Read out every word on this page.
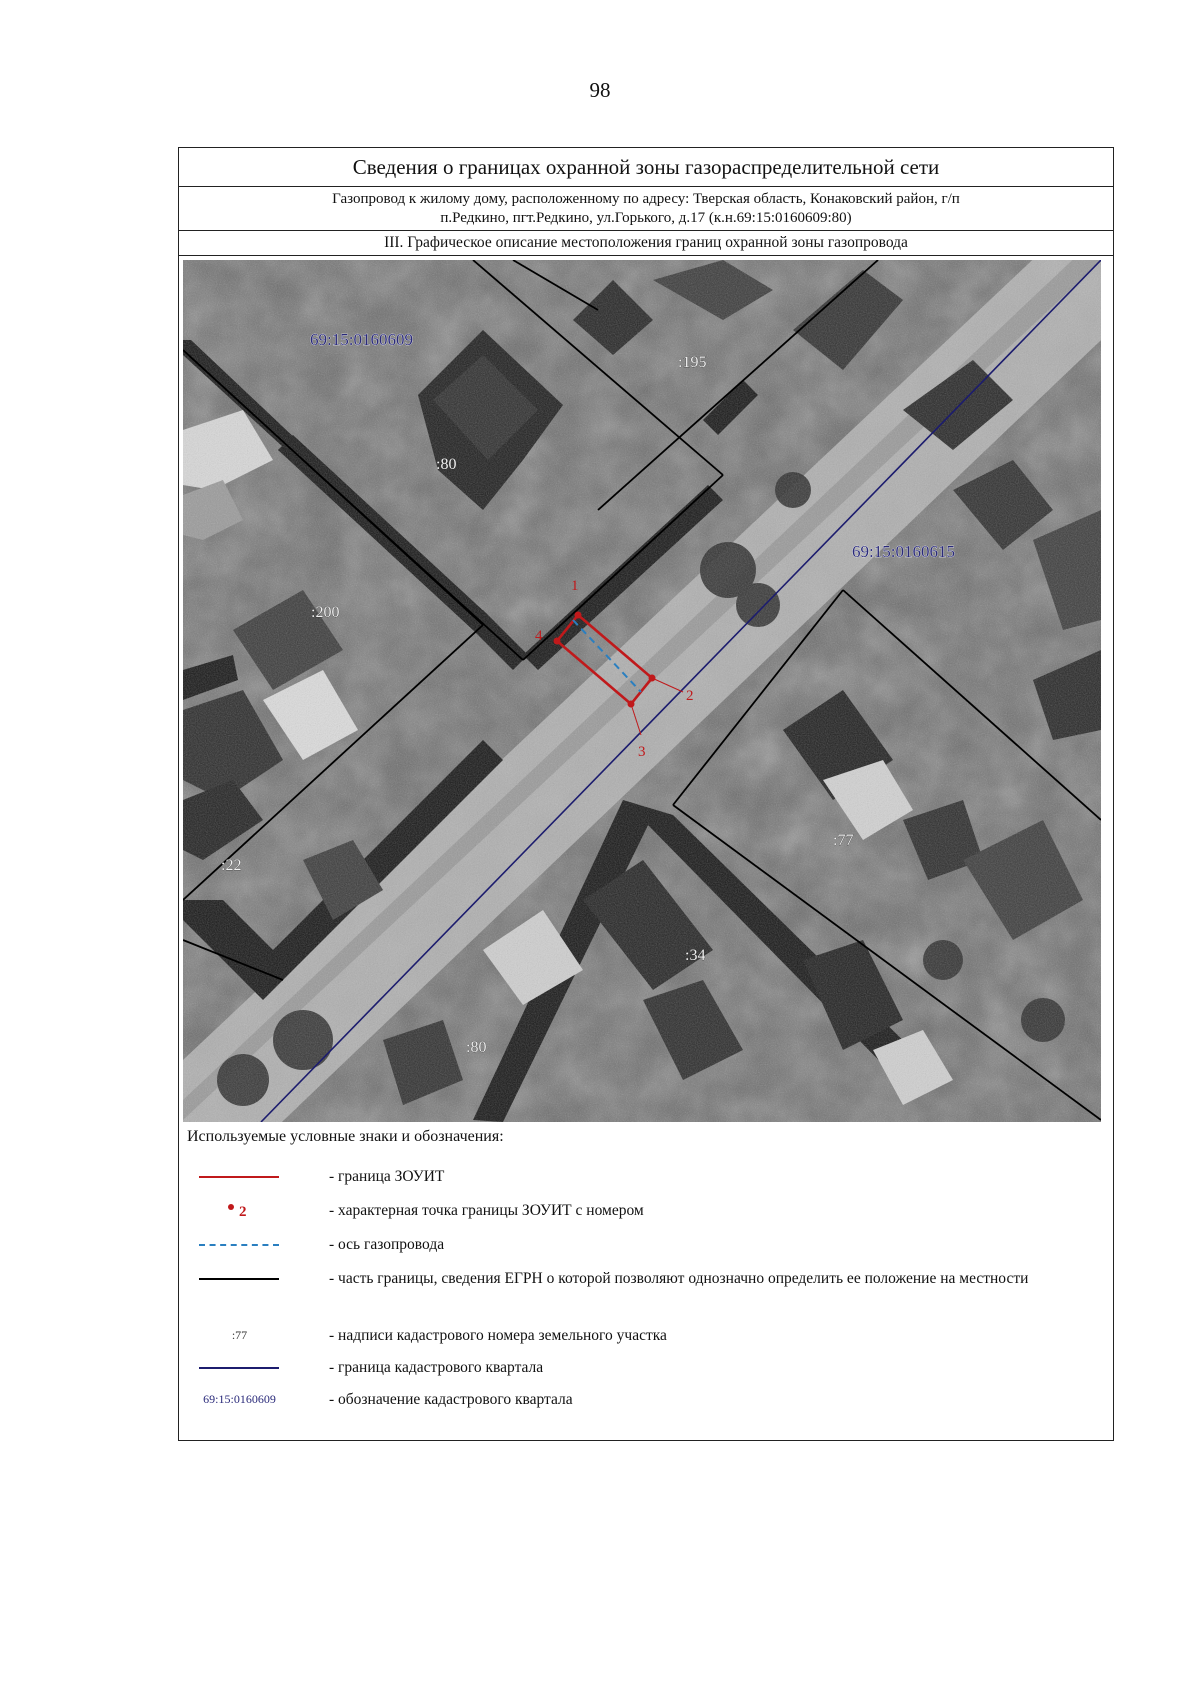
98
Сведения о границах охранной зоны газораспределительной сети
Газопровод к жилому дому, расположенному по адресу: Тверская область, Конаковский район, г/п
п.Редкино, пгт.Редкино, ул.Горького, д.17 (к.н.69:15:0160609:80)
III. Графическое описание местоположения границ охранной зоны газопровода
1
2
3
4
69:15:0160609
69:15:0160615
:195
:80
:200
:22
:77
:34
:80
Используемые условные знаки и обозначения:
- граница ЗОУИТ
2	- характерная точка границы ЗОУИТ с номером
- ось газопровода
- часть границы, сведения ЕГРН о которой позволяют однозначно определить ее положение на местности
:77	- надписи кадастрового номера земельного участка
- граница кадастрового квартала
69:15:0160609	- обозначение кадастрового квартала
